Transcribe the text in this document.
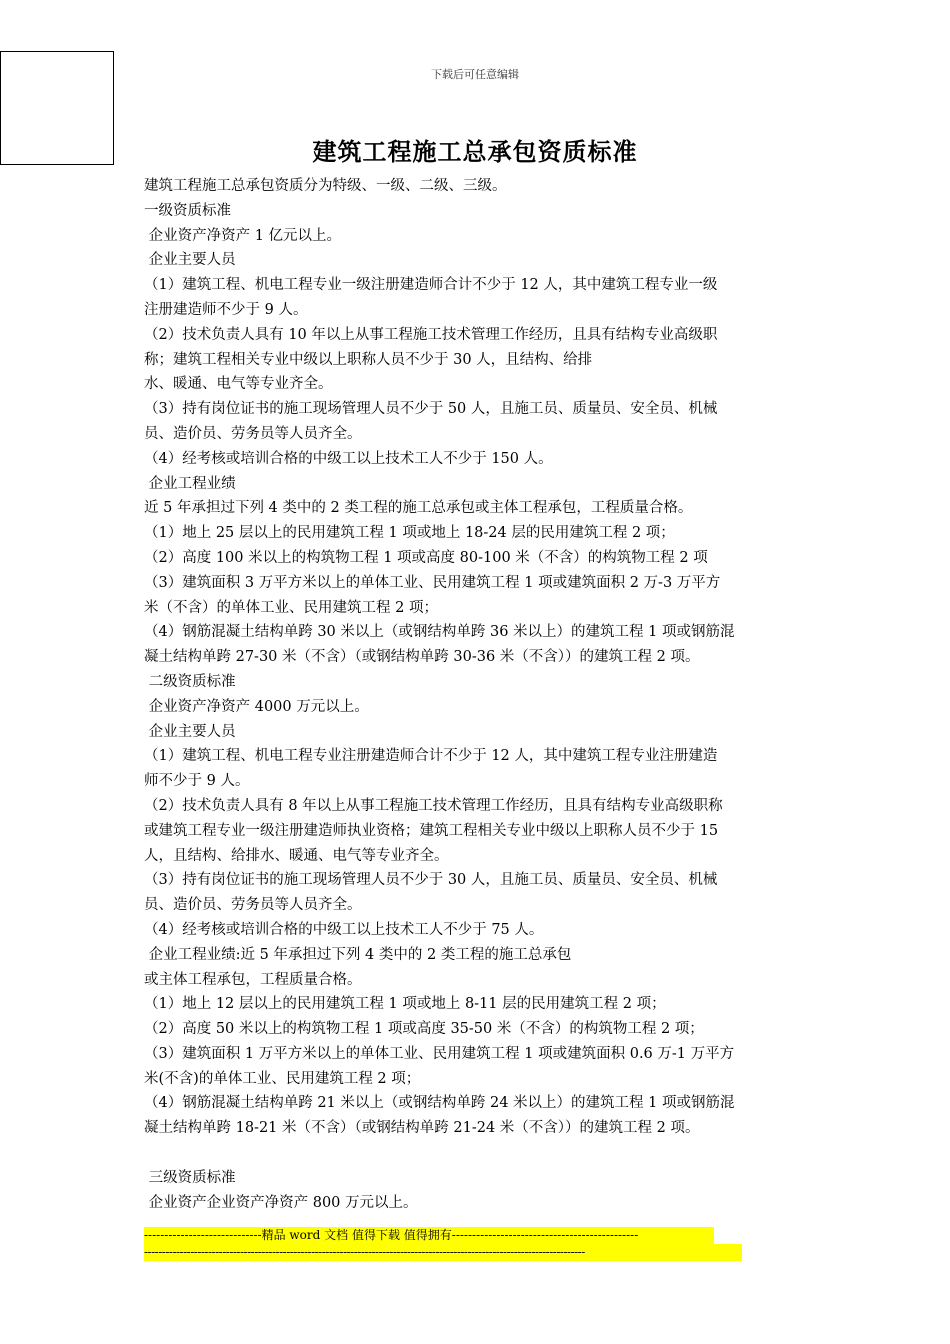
下载后可任意编辑
建筑工程施工总承包资质标准
建筑工程施工总承包资质分为特级、一级、二级、三级。
一级资质标准
企业资产净资产 1 亿元以上。
企业主要人员
（1）建筑工程、机电工程专业一级注册建造师合计不少于 12 人，其中建筑工程专业一级
注册建造师不少于 9 人。
（2）技术负责人具有 10 年以上从事工程施工技术管理工作经历，且具有结构专业高级职
称；建筑工程相关专业中级以上职称人员不少于 30 人，且结构、给排
水、暖通、电气等专业齐全。
（3）持有岗位证书的施工现场管理人员不少于 50 人，且施工员、质量员、安全员、机械
员、造价员、劳务员等人员齐全。
（4）经考核或培训合格的中级工以上技术工人不少于 150 人。
企业工程业绩
近 5 年承担过下列 4 类中的 2 类工程的施工总承包或主体工程承包，工程质量合格。
（1）地上 25 层以上的民用建筑工程 1 项或地上 18-24 层的民用建筑工程 2 项；
（2）高度 100 米以上的构筑物工程 1 项或高度 80-100 米（不含）的构筑物工程 2 项
（3）建筑面积 3 万平方米以上的单体工业、民用建筑工程 1 项或建筑面积 2 万-3 万平方
米（不含）的单体工业、民用建筑工程 2 项；
（4）钢筋混凝土结构单跨 30 米以上（或钢结构单跨 36 米以上）的建筑工程 1 项或钢筋混
凝土结构单跨 27-30 米（不含）（或钢结构单跨 30-36 米（不含））的建筑工程 2 项。
二级资质标准
企业资产净资产 4000 万元以上。
企业主要人员
（1）建筑工程、机电工程专业注册建造师合计不少于 12 人，其中建筑工程专业注册建造
师不少于 9 人。
（2）技术负责人具有 8 年以上从事工程施工技术管理工作经历，且具有结构专业高级职称
或建筑工程专业一级注册建造师执业资格；建筑工程相关专业中级以上职称人员不少于 15
人，且结构、给排水、暖通、电气等专业齐全。
（3）持有岗位证书的施工现场管理人员不少于 30 人，且施工员、质量员、安全员、机械
员、造价员、劳务员等人员齐全。
（4）经考核或培训合格的中级工以上技术工人不少于 75 人。
企业工程业绩:近 5 年承担过下列 4 类中的 2 类工程的施工总承包
或主体工程承包，工程质量合格。
（1）地上 12 层以上的民用建筑工程 1 项或地上 8-11 层的民用建筑工程 2 项；
（2）高度 50 米以上的构筑物工程 1 项或高度 35-50 米（不含）的构筑物工程 2 项；
（3）建筑面积 1 万平方米以上的单体工业、民用建筑工程 1 项或建筑面积 0.6 万-1 万平方
米(不含)的单体工业、民用建筑工程 2 项；
（4）钢筋混凝土结构单跨 21 米以上（或钢结构单跨 24 米以上）的建筑工程 1 项或钢筋混
凝土结构单跨 18-21 米（不含）（或钢结构单跨 21-24 米（不含））的建筑工程 2 项。
三级资质标准
企业资产企业资产净资产 800 万元以上。
-----------------------------精品 word 文档 值得下载 值得拥有----------------------------------------------
----------------------------------------------------------------------------------------------------------------------------
